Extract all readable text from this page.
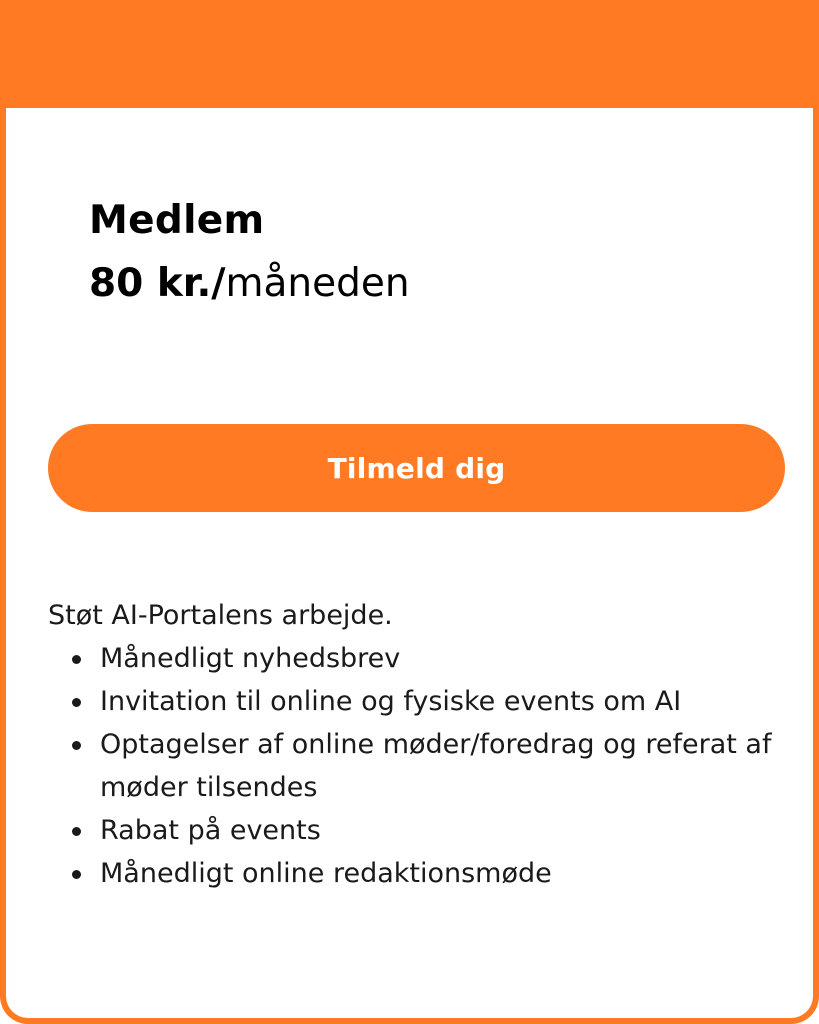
Medlem
80 kr./måneden
Tilmeld dig

Støt AI-Portalens arbejde.

Månedligt nyhedsbrev
Invitation til online og fysiske events om AI
Optagelser af online møder/foredrag og referat af møder tilsendes
Rabat på events
Månedligt online redaktionsmøde
